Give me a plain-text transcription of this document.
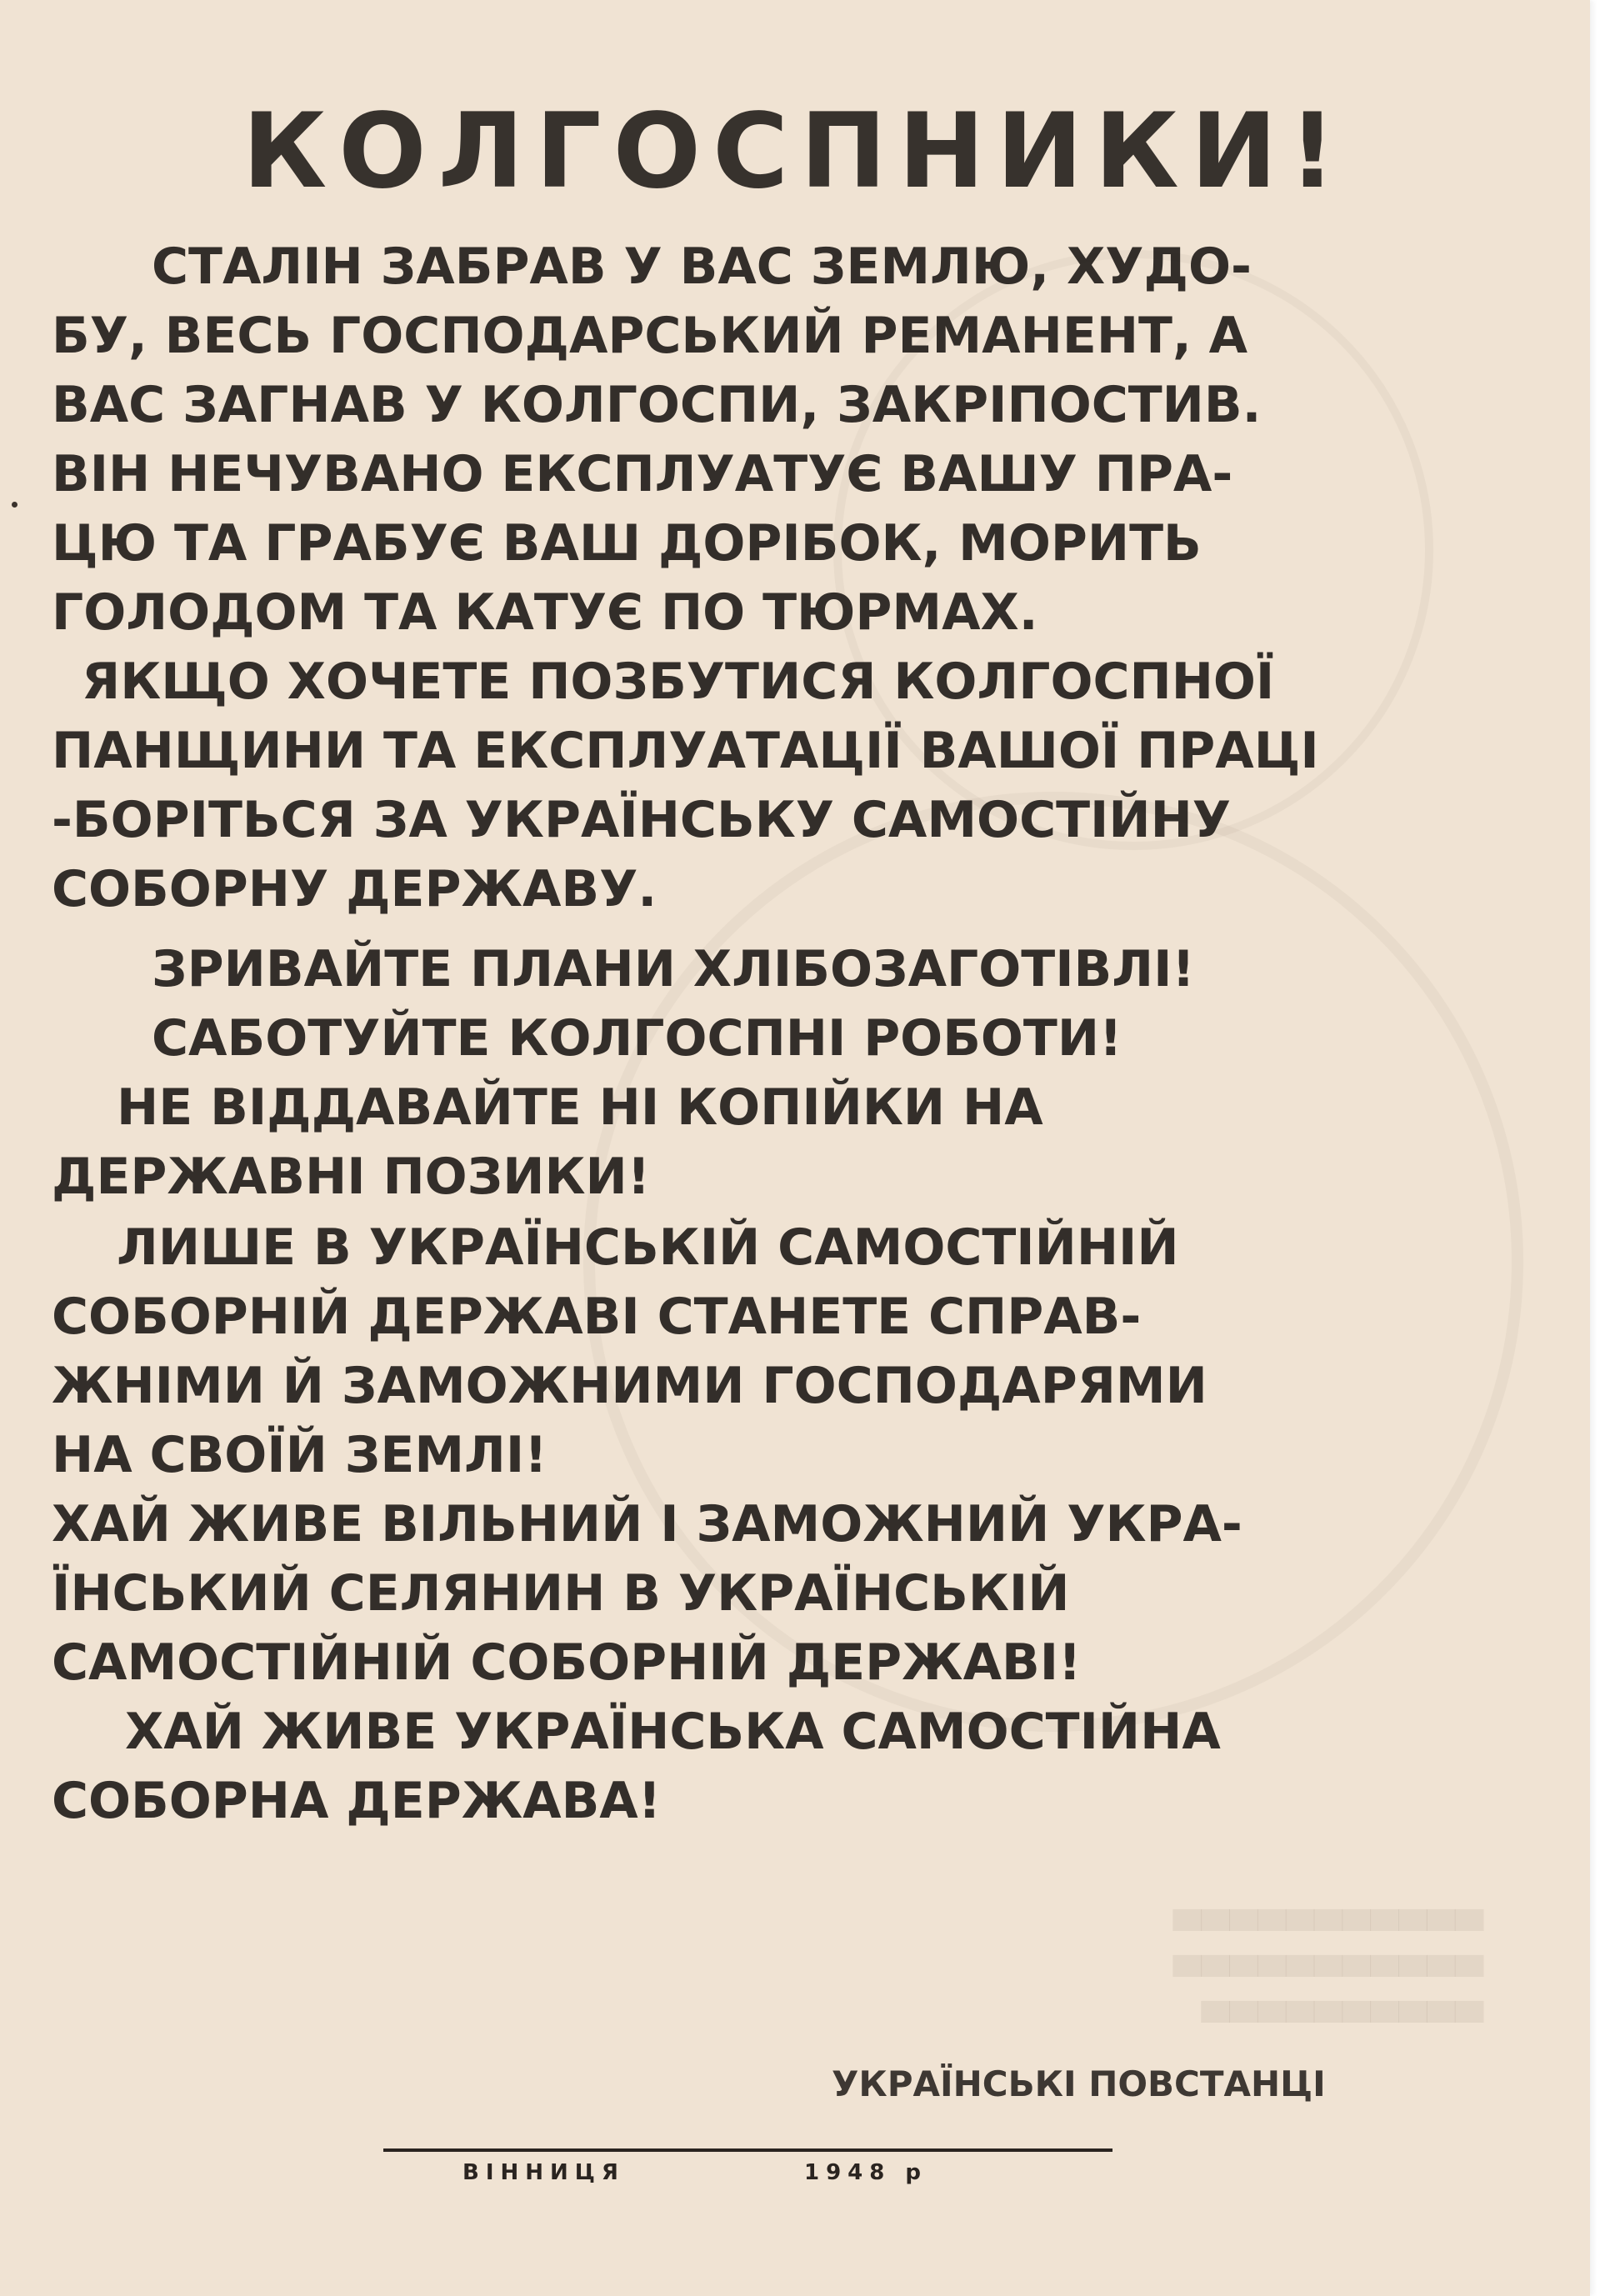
▀▀▀▀▀▀▀▀▀▀▀
▀▀▀▀▀▀▀▀▀▀▀
▀▀▀▀▀▀▀▀▀▀
КОЛГОСПНИКИ!
СТАЛІН ЗАБРАВ У ВАС ЗЕМЛЮ, ХУДО-
БУ, ВЕСЬ ГОСПОДАРСЬКИЙ РЕМАНЕНТ, А
ВАС ЗАГНАВ У КОЛГОСПИ, ЗАКРІПОСТИВ.
ВІН НЕЧУВАНО ЕКСПЛУАТУЄ ВАШУ ПРА-
ЦЮ ТА ГРАБУЄ ВАШ ДОРІБОК, МОРИТЬ
ГОЛОДОМ ТА КАТУЄ ПО ТЮРМАХ.
ЯКЩО ХОЧЕТЕ ПОЗБУТИСЯ КОЛГОСПНОЇ
ПАНЩИНИ ТА ЕКСПЛУАТАЦІЇ ВАШОЇ ПРАЦІ
-БОРІТЬСЯ ЗА УКРАЇНСЬКУ САМОСТІЙНУ
СОБОРНУ ДЕРЖАВУ.
ЗРИВАЙТЕ ПЛАНИ ХЛІБОЗАГОТІВЛІ!
САБОТУЙТЕ КОЛГОСПНІ РОБОТИ!
НЕ ВІДДАВАЙТЕ НІ КОПІЙКИ НА
ДЕРЖАВНІ ПОЗИКИ!
ЛИШЕ В УКРАЇНСЬКІЙ САМОСТІЙНІЙ
СОБОРНІЙ ДЕРЖАВІ СТАНЕТЕ СПРАВ-
ЖНІМИ Й ЗАМОЖНИМИ ГОСПОДАРЯМИ
НА СВОЇЙ ЗЕМЛІ!
ХАЙ ЖИВЕ ВІЛЬНИЙ І ЗАМОЖНИЙ УКРА-
ЇНСЬКИЙ СЕЛЯНИН В УКРАЇНСЬКІЙ
САМОСТІЙНІЙ СОБОРНІЙ ДЕРЖАВІ!
ХАЙ ЖИВЕ УКРАЇНСЬКА САМОСТІЙНА
СОБОРНА ДЕРЖАВА!
УКРАЇНСЬКІ ПОВСТАНЦІ
ВІННИЦЯ	1948 р
